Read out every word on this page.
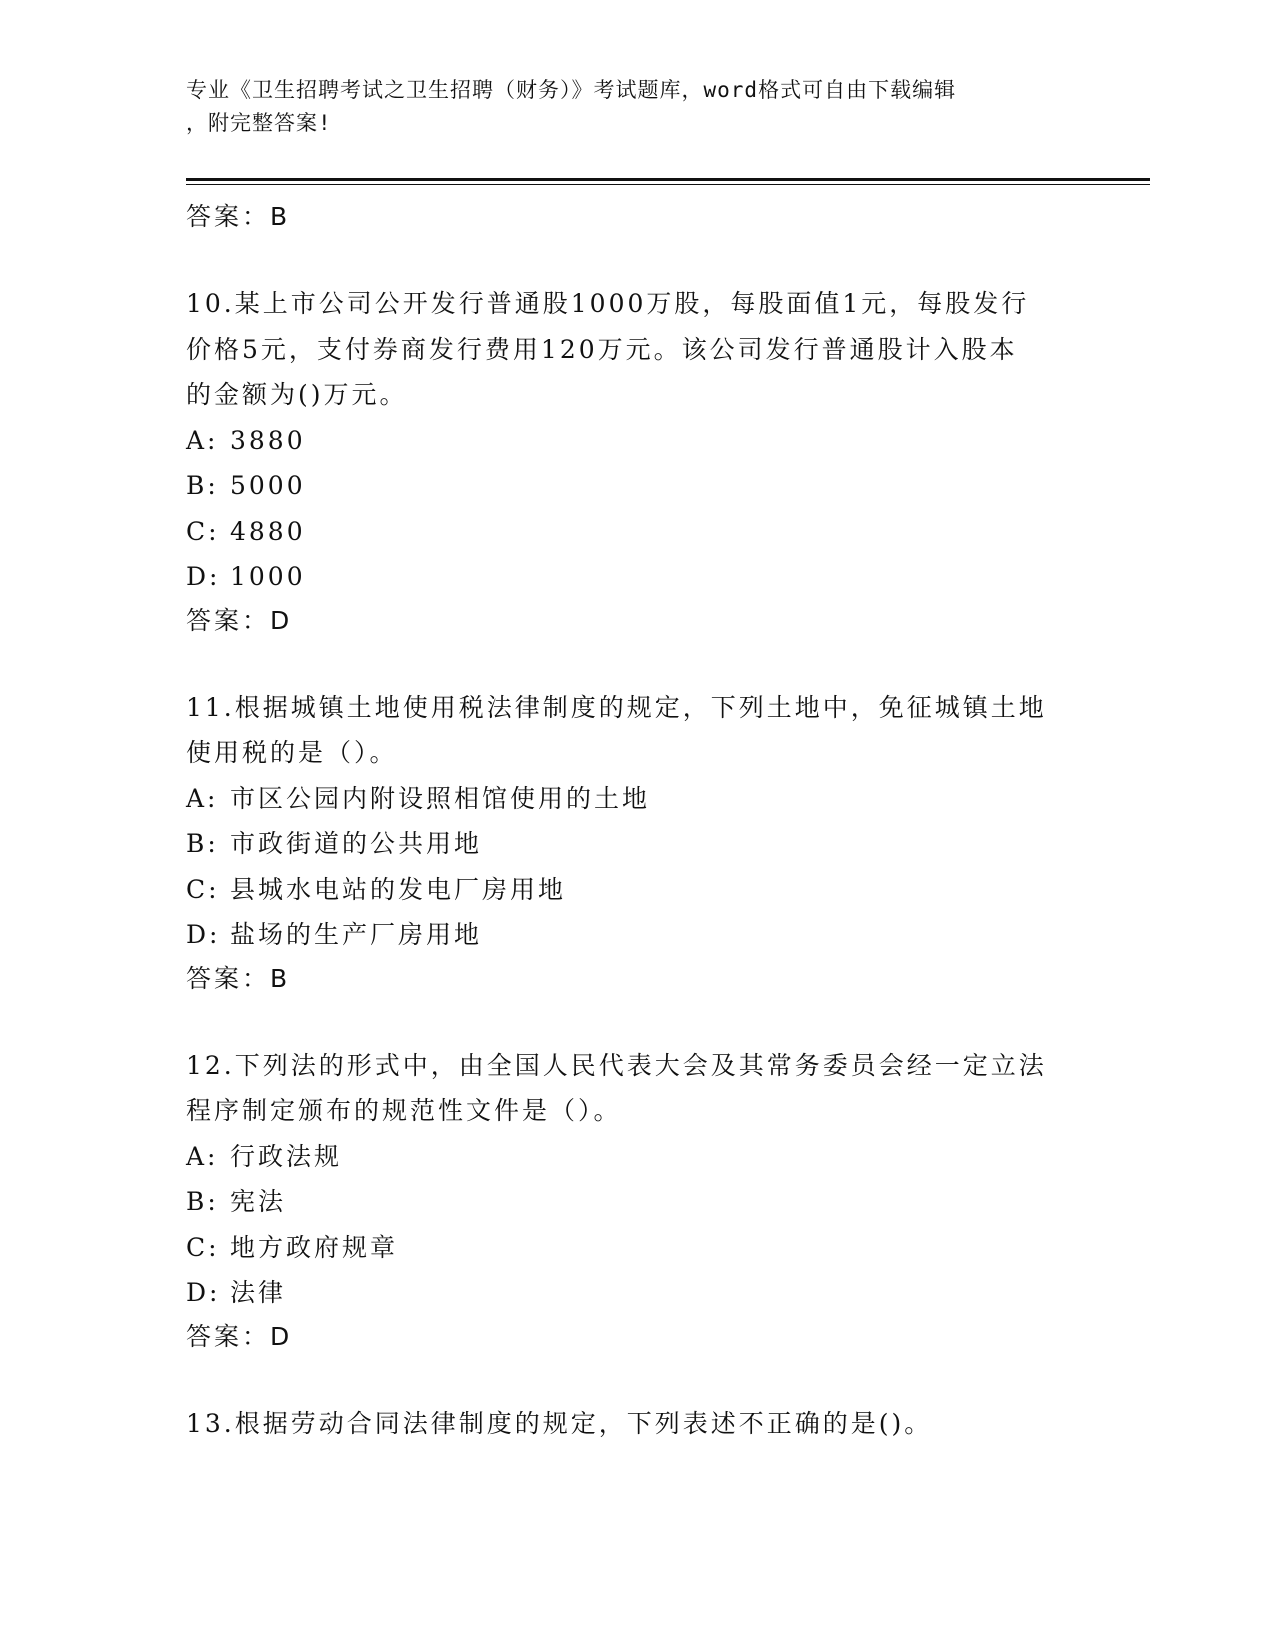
专业《卫生招聘考试之卫生招聘（财务）》考试题库，word格式可自由下载编辑
，附完整答案!
答案：B
10.某上市公司公开发行普通股1000万股，每股面值1元，每股发行
价格5元，支付券商发行费用120万元。该公司发行普通股计入股本
的金额为()万元。
A: 3880
B: 5000
C: 4880
D: 1000
答案：D
11.根据城镇土地使用税法律制度的规定，下列土地中，免征城镇土地
使用税的是（）。
A: 市区公园内附设照相馆使用的土地
B: 市政街道的公共用地
C: 县城水电站的发电厂房用地
D: 盐场的生产厂房用地
答案：B
12.下列法的形式中，由全国人民代表大会及其常务委员会经一定立法
程序制定颁布的规范性文件是（）。
A: 行政法规
B: 宪法
C: 地方政府规章
D: 法律
答案：D
13.根据劳动合同法律制度的规定，下列表述不正确的是()。
